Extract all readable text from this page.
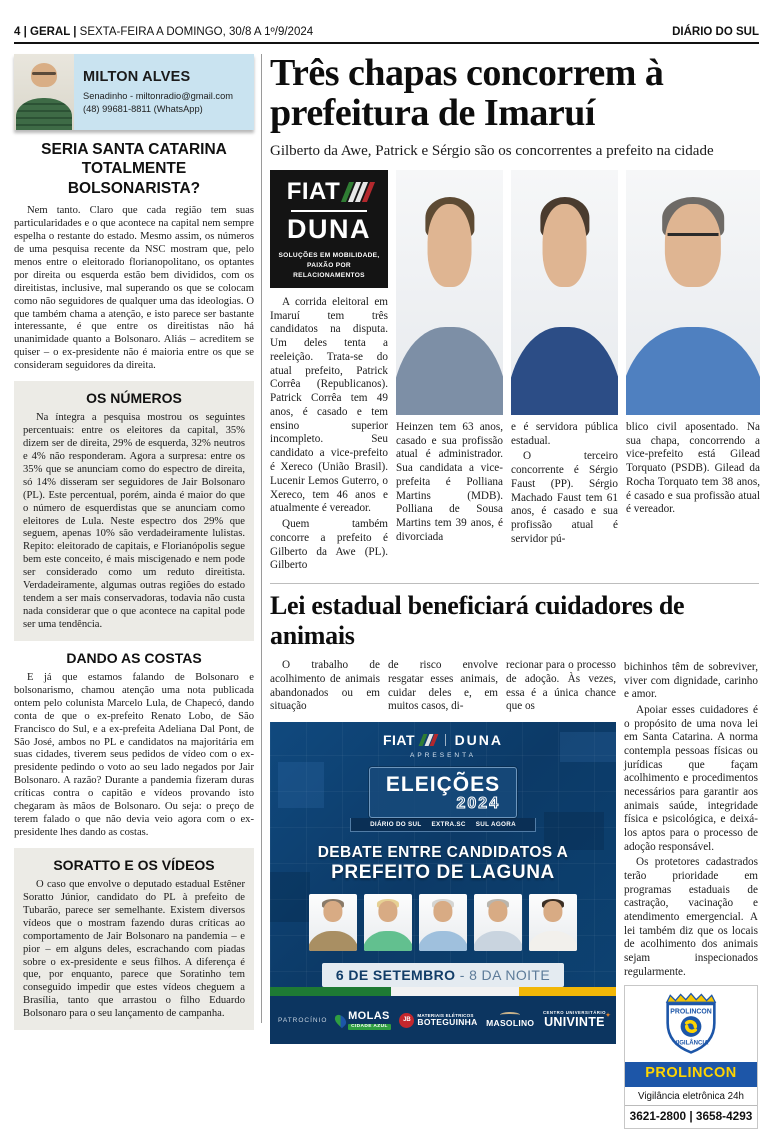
4 | GERAL | SEXTA-FEIRA A DOMINGO, 30/8 A 1º/9/2024	DIÁRIO DO SUL
MILTON ALVES
Senadinho - miltonradio@gmail.com
(48) 99681-8811 (WhatsApp)
SERIA SANTA CATARINA TOTALMENTE BOLSONARISTA?

Nem tanto. Claro que cada região tem suas particularidades e o que acontece na capital nem sempre espelha o restante do estado. Mesmo assim, os números de uma pesquisa recente da NSC mostram que, pelo menos entre o eleitorado florianopolitano, os optantes por direita ou esquerda estão bem divididos, com os direitistas, inclusive, mal superando os que se colocam como não seguidores de qualquer uma das ideologias. O que também chama a atenção, e isto parece ser bastante interessante, é que entre os direitistas não há unanimidade quanto a Bolsonaro. Aliás – acreditem se quiser – o ex-presidente não é maioria entre os que se consideram seguidores da direita.

OS NÚMEROS

Na íntegra a pesquisa mostrou os seguintes percentuais: entre os eleitores da capital, 35% dizem ser de direita, 29% de esquerda, 32% neutros e 4% não responderam. Agora a surpresa: entre os 35% que se anunciam como do espectro de direita, só 14% disseram ser seguidores de Jair Bolsonaro (PL). Este percentual, porém, ainda é maior do que o número de esquerdistas que se anunciam como eleitores de Lula. Neste espectro dos 29% que seguem, apenas 10% são verdadeiramente lulistas. Repito: eleitorado de capitais, e Florianópolis segue bem este conceito, é mais miscigenado e nem pode ser considerado como um reduto direitista. Verdadeiramente, algumas outras regiões do estado tendem a ser mais conservadoras, todavia não custa nada considerar que o que acontece na capital pode ser uma tendência.

DANDO AS COSTAS

E já que estamos falando de Bolsonaro e bolsonarismo, chamou atenção uma nota publicada ontem pelo colunista Marcelo Lula, de Chapecó, dando conta de que o ex-prefeito Renato Lobo, de São Francisco do Sul, e a ex-prefeita Adeliana Dal Pont, de São José, ambos no PL e candidatos na majoritária em suas cidades, tiverem seus pedidos de vídeo com o ex-presidente pedindo o voto ao seu lado negados por Jair Bolsonaro. A razão? Durante a pandemia fizeram duras críticas contra o capitão e vídeos provando isto chegaram às mãos de Bolsonaro. Ou seja: o preço de terem falado o que não devia veio agora com o ex-presidente lhes dando as costas.

SORATTO E OS VÍDEOS

O caso que envolve o deputado estadual Estêner Soratto Júnior, candidato do PL à prefeito de Tubarão, parece ser semelhante. Existem diversos vídeos que o mostram fazendo duras críticas ao comportamento de Jair Bolsonaro na pandemia – e pior – em alguns deles, escrachando com piadas sobre o ex-presidente e seus filhos. A diferença é que, por enquanto, parece que Soratinho tem conseguido impedir que estes vídeos cheguem a Brasília, tanto que arrastou o filho Eduardo Bolsonaro para o seu lançamento de campanha.

Três chapas concorrem à prefeitura de Imaruí
Gilberto da Awe, Patrick e Sérgio são os concorrentes a prefeito na cidade
FIAT
DUNA
SOLUÇÕES EM MOBILIDADE, PAIXÃO POR RELACIONAMENTOS

A corrida eleitoral em Imaruí tem três candidatos na disputa. Um deles tenta a reeleição. Trata-se do atual prefeito, Patrick Corrêa (Republicanos). Patrick Corrêa tem 49 anos, é casado e tem ensino superior incompleto. Seu candidato a vice-prefeito é Xereco (União Brasil). Lucenir Lemos Guterro, o Xereco, tem 46 anos e atualmente é vereador.

Quem também concorre a prefeito é Gilberto da Awe (PL). Gilberto

Heinzen tem 63 anos, casado e sua profissão atual é administrador. Sua candidata a vice-prefeita é Polliana Martins (MDB). Polliana de Sousa Martins tem 39 anos, é divorciada

e é servidora pública estadual.

O terceiro concorrente é Sérgio Faust (PP). Sérgio Machado Faust tem 61 anos, é casado e sua profissão atual é servidor pú-

blico civil aposentado. Na sua chapa, concorrendo a vice-prefeito está Gilead Torquato (PSDB). Gilead da Rocha Torquato tem 38 anos, é casado e sua profissão atual é vereador.

Lei estadual beneficiará cuidadores de animais

O trabalho de acolhimento de animais abandonados ou em situação

de risco envolve resgatar esses animais, cuidar deles e, em muitos casos, di-

recionar para o processo de adoção. Às vezes, essa é a única chance que os

FIAT	DUNA
APRESENTA
ELEIÇÕES
2024
DIÁRIO DO SUL EXTRA.SC SUL AGORA
DEBATE ENTRE CANDIDATOS A
PREFEITO DE LAGUNA
6 DE SETEMBRO - 8 DA NOITE
PATROCÍNIO MOLAS
CIDADE AZUL
JB
MATERIAIS ELÉTRICOS
BOTEGUINHA MASOLINO
CENTRO UNIVERSITÁRIO
UNIVINTE ✦

bichinhos têm de sobreviver, viver com dignidade, carinho e amor.

Apoiar esses cuidadores é o propósito de uma nova lei em Santa Catarina. A norma contempla pessoas físicas ou jurídicas que façam acolhimento e procedimentos necessários para garantir aos animais saúde, integridade física e psicológica, e deixá-los aptos para o processo de adoção responsável.

Os protetores cadastrados terão prioridade em programas estaduais de castração, vacinação e atendimento emergencial. A lei também diz que os locais de acolhimento dos animais sejam inspecionados regularmente.

PROLINCON
VIGILÂNCIA
PROLINCON
Vigilância eletrônica 24h
3621-2800 | 3658-4293
